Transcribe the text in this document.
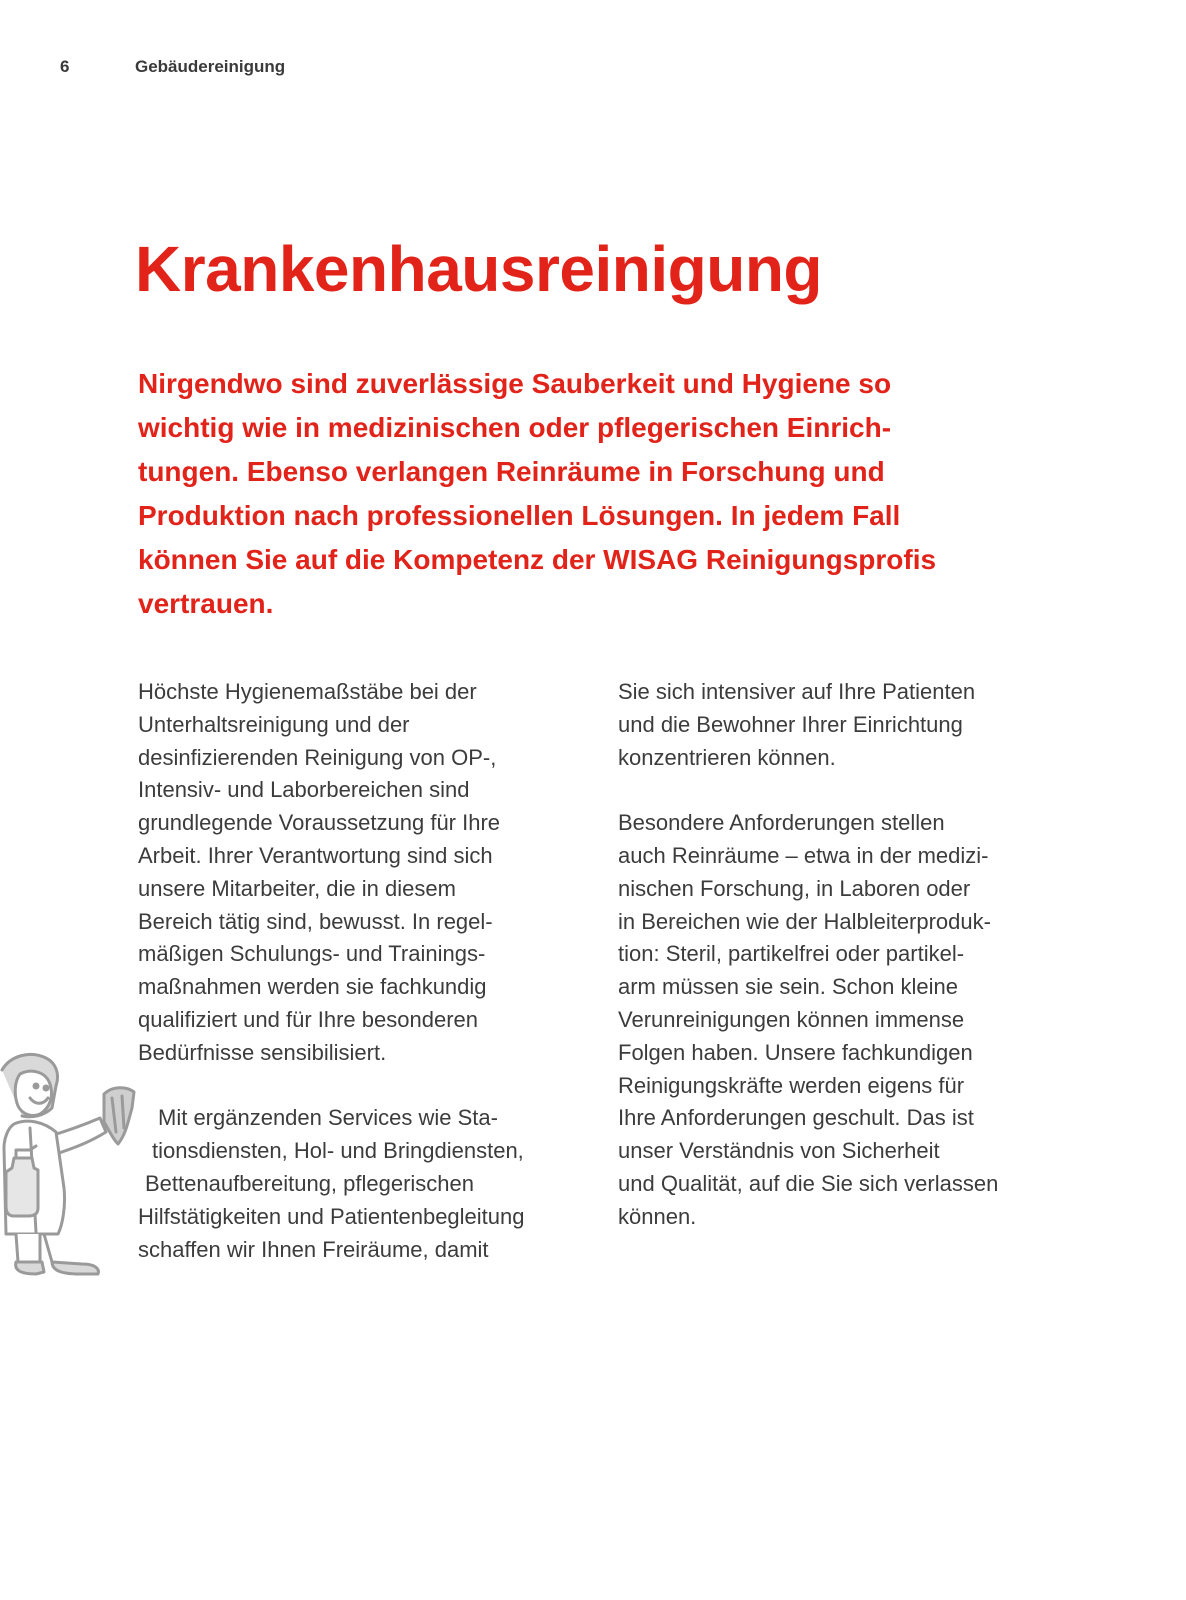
6	Gebäudereinigung
Krankenhausreinigung

Nirgendwo sind zuverlässige Sauberkeit und Hygiene so
wichtig wie in medizinischen oder pflegerischen Einrich-
tungen. Ebenso verlangen Reinräume in Forschung und
Produktion nach professionellen Lösungen. In jedem Fall
können Sie auf die Kompetenz der WISAG Reinigungsprofis
vertrauen.

Höchste Hygienemaßstäbe bei der
Unterhaltsreinigung und der
desinfizierenden Reinigung von OP-,
Intensiv- und Laborbereichen sind
grundlegende Voraussetzung für Ihre
Arbeit. Ihrer Verantwortung sind sich
unsere Mitarbeiter, die in diesem
Bereich tätig sind, bewusst. In regel-
mäßigen Schulungs- und Trainings-
maßnahmen werden sie fachkundig
qualifiziert und für Ihre besonderen
Bedürfnisse sensibilisiert.
Mit ergänzenden Services wie Sta-
tionsdiensten, Hol- und Bringdiensten,
Bettenaufbereitung, pflegerischen
Hilfstätigkeiten und Patientenbegleitung
schaffen wir Ihnen Freiräume, damit
Sie sich intensiver auf Ihre Patienten
und die Bewohner Ihrer Einrichtung
konzentrieren können.
Besondere Anforderungen stellen
auch Reinräume – etwa in der medizi-
nischen Forschung, in Laboren oder
in Bereichen wie der Halbleiterproduk-
tion: Steril, partikelfrei oder partikel-
arm müssen sie sein. Schon kleine
Verunreinigungen können immense
Folgen haben. Unsere fachkundigen
Reinigungskräfte werden eigens für
Ihre Anforderungen geschult. Das ist
unser Verständnis von Sicherheit
und Qualität, auf die Sie sich verlassen
können.
